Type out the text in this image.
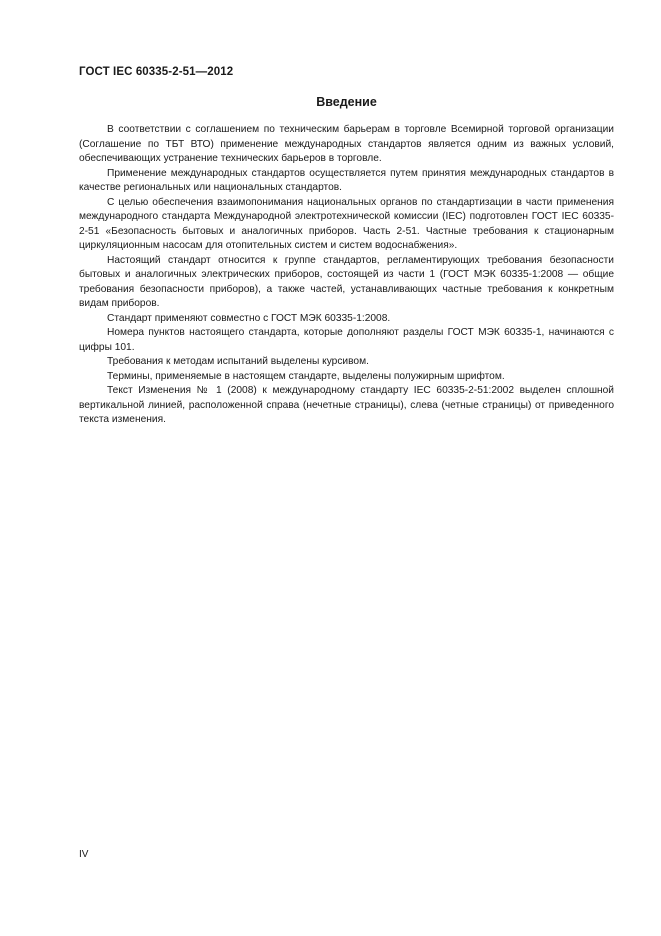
ГОСТ IEC 60335-2-51—2012
Введение

В соответствии с соглашением по техническим барьерам в торговле Всемирной торговой организации (Соглашение по ТБТ ВТО) применение международных стандартов является одним из важных условий, обеспечивающих устранение технических барьеров в торговле.

Применение международных стандартов осуществляется путем принятия международных стандартов в качестве региональных или национальных стандартов.

С целью обеспечения взаимопонимания национальных органов по стандартизации в части применения международного стандарта Международной электротехнической комиссии (IEC) подготовлен ГОСТ IEC 60335-2-51 «Безопасность бытовых и аналогичных приборов. Часть 2-51. Частные требования к стационарным циркуляционным насосам для отопительных систем и систем водоснабжения».

Настоящий стандарт относится к группе стандартов, регламентирующих требования безопасности бытовых и аналогичных электрических приборов, состоящей из части 1 (ГОСТ МЭК 60335-1:2008 — общие требования безопасности приборов), а также частей, устанавливающих частные требования к конкретным видам приборов.

Стандарт применяют совместно с ГОСТ МЭК 60335-1:2008.

Номера пунктов настоящего стандарта, которые дополняют разделы ГОСТ МЭК 60335-1, начинаются с цифры 101.

Требования к методам испытаний выделены курсивом.

Термины, применяемые в настоящем стандарте, выделены полужирным шрифтом.

Текст Изменения № 1 (2008) к международному стандарту IEC 60335-2-51:2002 выделен сплошной вертикальной линией, расположенной справа (нечетные страницы), слева (четные страницы) от приведенного текста изменения.

IV
